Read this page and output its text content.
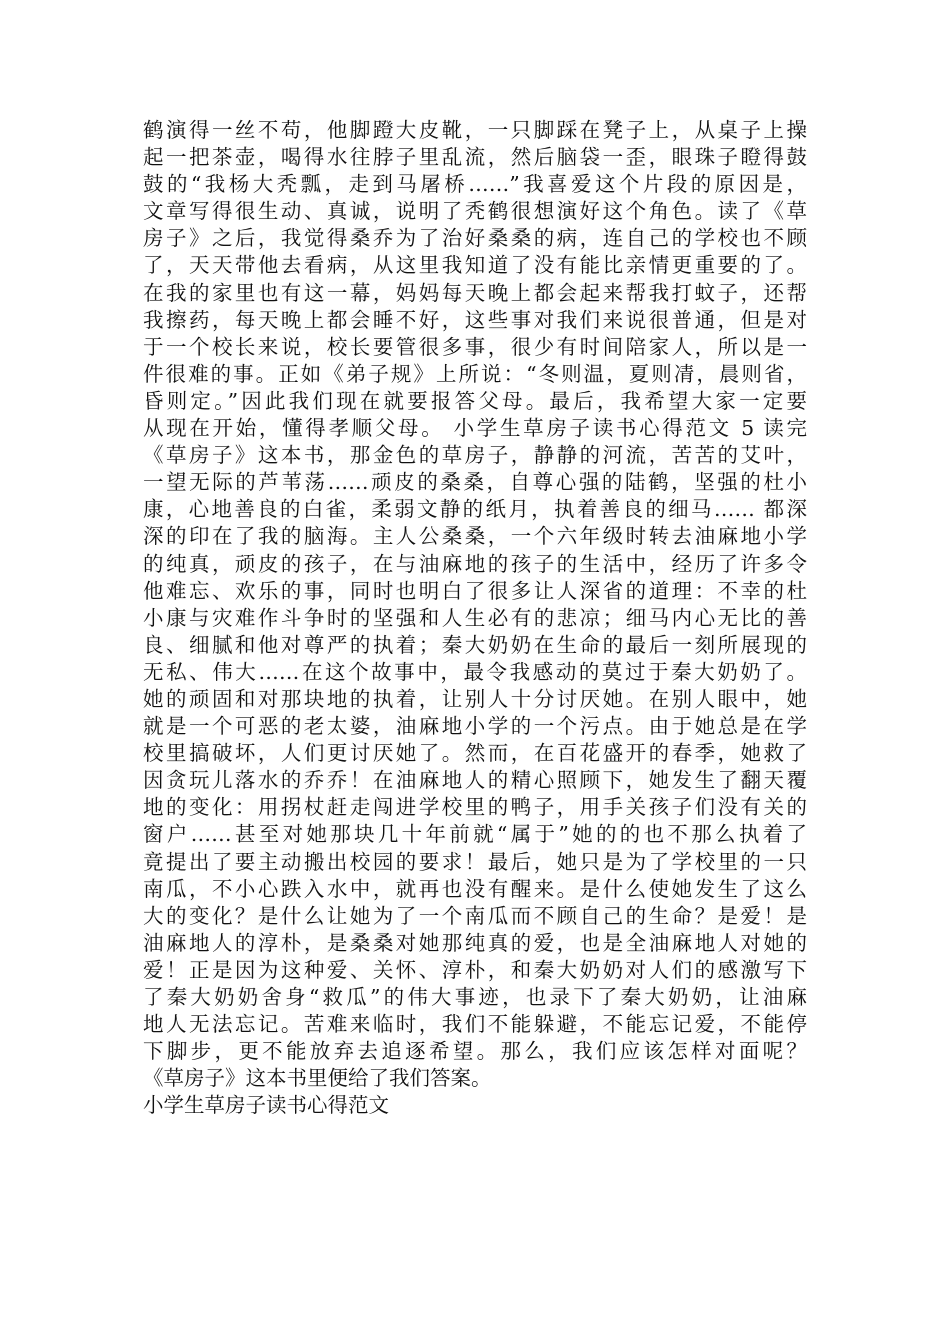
鹤演得一丝不苟，他脚蹬大皮靴，一只脚踩在凳子上，从桌子上操
起一把茶壶，喝得水往脖子里乱流，然后脑袋一歪，眼珠子瞪得鼓
鼓的“我杨大秃瓢，走到马屠桥……”我喜爱这个片段的原因是，
文章写得很生动、真诚，说明了秃鹤很想演好这个角色。读了《草
房子》之后，我觉得桑乔为了治好桑桑的病，连自己的学校也不顾
了，天天带他去看病，从这里我知道了没有能比亲情更重要的了。
在我的家里也有这一幕，妈妈每天晚上都会起来帮我打蚊子，还帮
我擦药，每天晚上都会睡不好，这些事对我们来说很普通，但是对
于一个校长来说，校长要管很多事，很少有时间陪家人，所以是一
件很难的事。正如《弟子规》上所说：“冬则温，夏则凊，晨则省，
昏则定。”因此我们现在就要报答父母。最后，我希望大家一定要
从现在开始，懂得孝顺父母。 小学生草房子读书心得范文 5 读完
《草房子》这本书，那金色的草房子，静静的河流，苦苦的艾叶，
一望无际的芦苇荡……顽皮的桑桑，自尊心强的陆鹤，坚强的杜小
康，心地善良的白雀，柔弱文静的纸月，执着善良的细马…… 都深
深的印在了我的脑海。主人公桑桑，一个六年级时转去油麻地小学
的纯真，顽皮的孩子，在与油麻地的孩子的生活中，经历了许多令
他难忘、欢乐的事，同时也明白了很多让人深省的道理：不幸的杜
小康与灾难作斗争时的坚强和人生必有的悲凉；细马内心无比的善
良、细腻和他对尊严的执着；秦大奶奶在生命的最后一刻所展现的
无私、伟大……在这个故事中，最令我感动的莫过于秦大奶奶了。
她的顽固和对那块地的执着，让别人十分讨厌她。在别人眼中，她
就是一个可恶的老太婆，油麻地小学的一个污点。由于她总是在学
校里搞破坏，人们更讨厌她了。然而，在百花盛开的春季，她救了
因贪玩儿落水的乔乔！在油麻地人的精心照顾下，她发生了翻天覆
地的变化：用拐杖赶走闯进学校里的鸭子，用手关孩子们没有关的
窗户……甚至对她那块几十年前就“属于”她的的也不那么执着了
竟提出了要主动搬出校园的要求！最后，她只是为了学校里的一只
南瓜，不小心跌入水中，就再也没有醒来。是什么使她发生了这么
大的变化？是什么让她为了一个南瓜而不顾自己的生命？是爱！是
油麻地人的淳朴，是桑桑对她那纯真的爱，也是全油麻地人对她的
爱！正是因为这种爱、关怀、淳朴，和秦大奶奶对人们的感激写下
了秦大奶奶舍身“救瓜”的伟大事迹，也录下了秦大奶奶，让油麻
地人无法忘记。苦难来临时，我们不能躲避，不能忘记爱，不能停
下脚步，更不能放弃去追逐希望。那么，我们应该怎样对面呢？
《草房子》这本书里便给了我们答案。
小学生草房子读书心得范文
